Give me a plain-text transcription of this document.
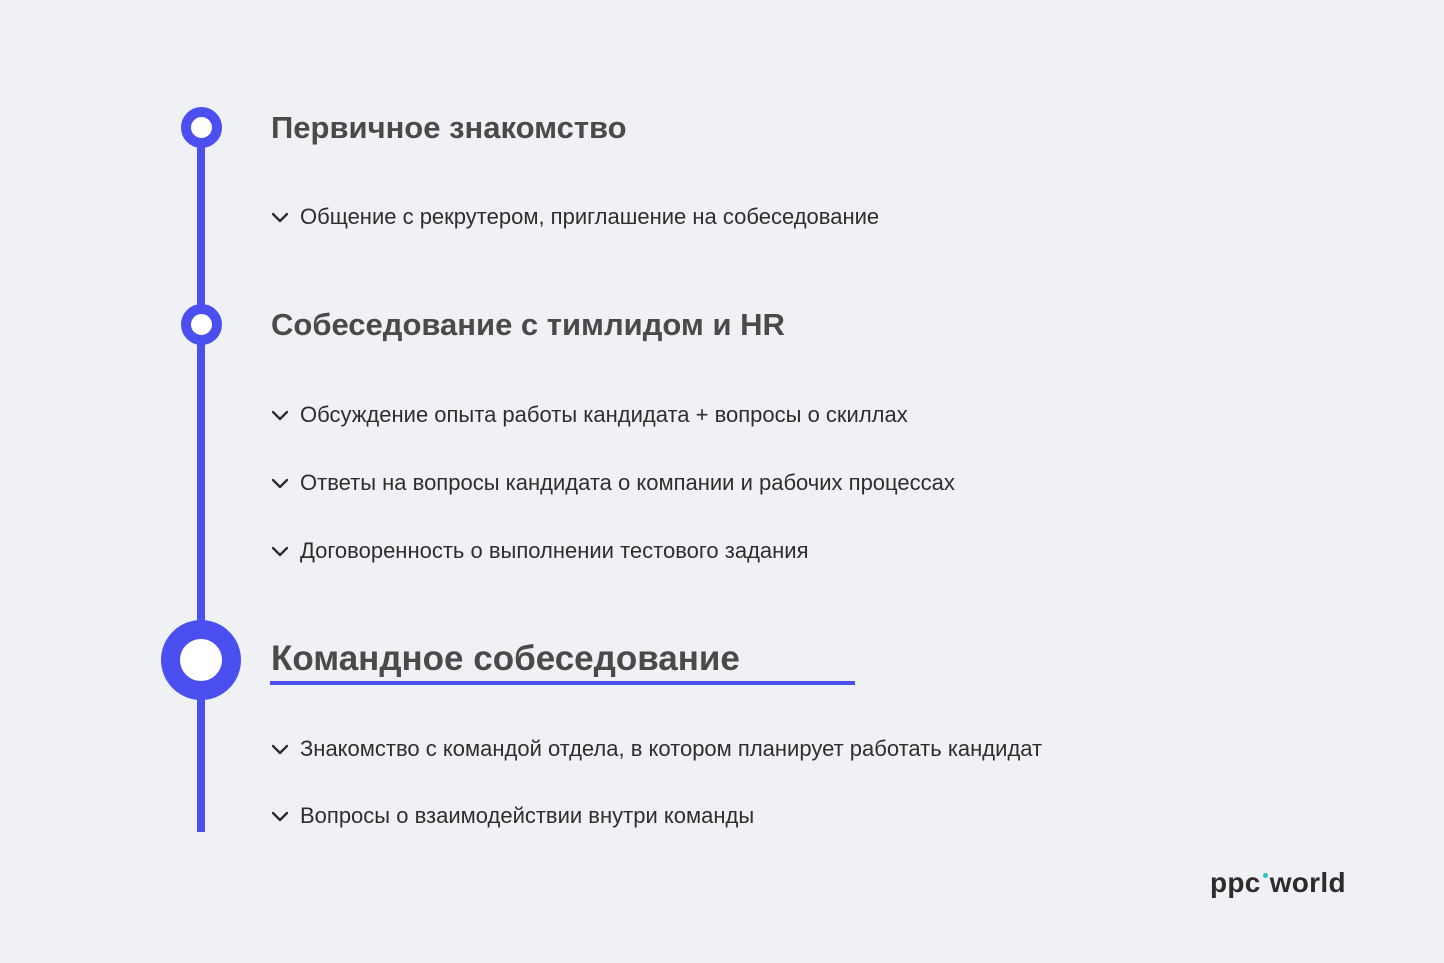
Первичное знакомство
Общение с рекрутером, приглашение на собеседование
Собеседование с тимлидом и HR
Обсуждение опыта работы кандидата + вопросы о скиллах
Ответы на вопросы кандидата о компании и рабочих процессах
Договоренность о выполнении тестового задания
Командное собеседование
Знакомство с командой отдела, в котором планирует работать кандидат
Вопросы о взаимодействии внутри команды
ppc world
